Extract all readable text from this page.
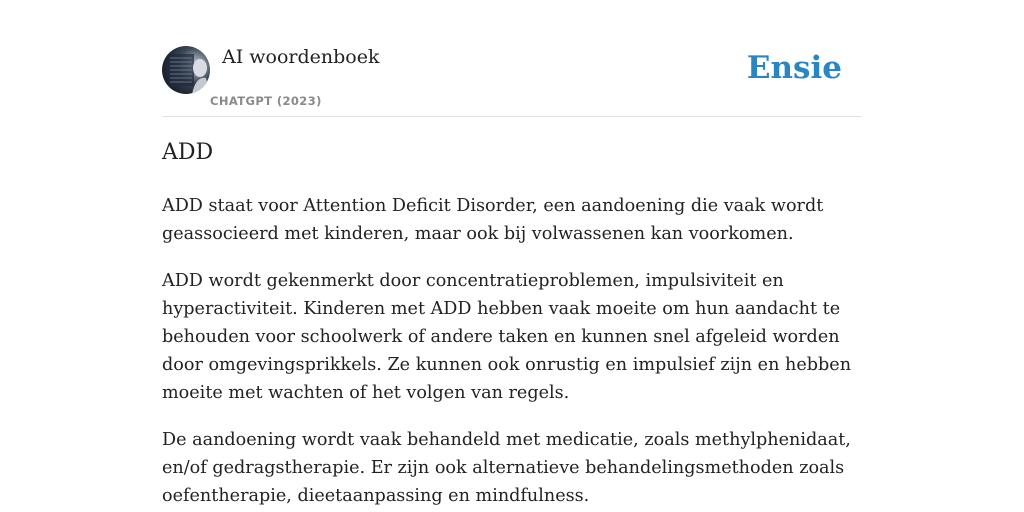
AI woordenboek
CHATGPT (2023)
Ensie
ADD

ADD staat voor Attention Deficit Disorder, een aandoening die vaak wordt geassocieerd met kinderen, maar ook bij volwassenen kan voorkomen.

ADD wordt gekenmerkt door concentratieproblemen, impulsiviteit en hyperactiviteit. Kinderen met ADD hebben vaak moeite om hun aandacht te behouden voor schoolwerk of andere taken en kunnen snel afgeleid worden door omgevingsprikkels. Ze kunnen ook onrustig en impulsief zijn en hebben moeite met wachten of het volgen van regels.

De aandoening wordt vaak behandeld met medicatie, zoals methylphenidaat, en/of gedragstherapie. Er zijn ook alternatieve behandelingsmethoden zoals oefentherapie, dieetaanpassing en mindfulness.
